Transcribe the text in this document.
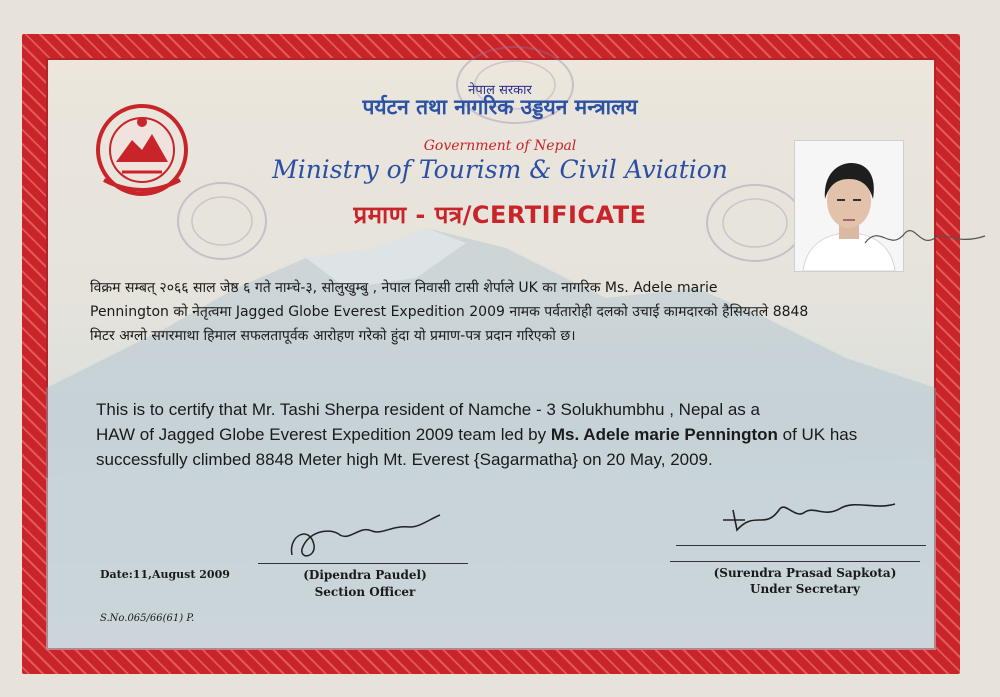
नेपाल सरकार
पर्यटन तथा नागरिक उड्डयन मन्त्रालय
Government of Nepal
Ministry of Tourism & Civil Aviation
प्रमाण - पत्र/CERTIFICATE
विक्रम सम्बत् २०६६ साल जेष्ठ ६ गते नाम्चे-३, सोलुखुम्बु , नेपाल निवासी टासी शेर्पाले UK का नागरिक Ms. Adele marie
Pennington को नेतृत्वमा Jagged Globe Everest Expedition 2009 नामक पर्वतारोही दलको उचाई कामदारको हैसियतले 8848
मिटर अग्लो सगरमाथा हिमाल सफलतापूर्वक आरोहण गरेको हुंदा यो प्रमाण-पत्र प्रदान गरिएको छ।
This is to certify that Mr. Tashi Sherpa resident of Namche - 3 Solukhumbhu , Nepal as a
HAW of Jagged Globe Everest Expedition 2009 team led by Ms. Adele marie Pennington of UK has
successfully climbed 8848 Meter high Mt. Everest {Sagarmatha} on 20 May, 2009.
Date:11,August 2009	(Dipendra Paudel)
Section Officer
(Surendra Prasad Sapkota)
Under Secretary
S.No.065/66(61) P.
